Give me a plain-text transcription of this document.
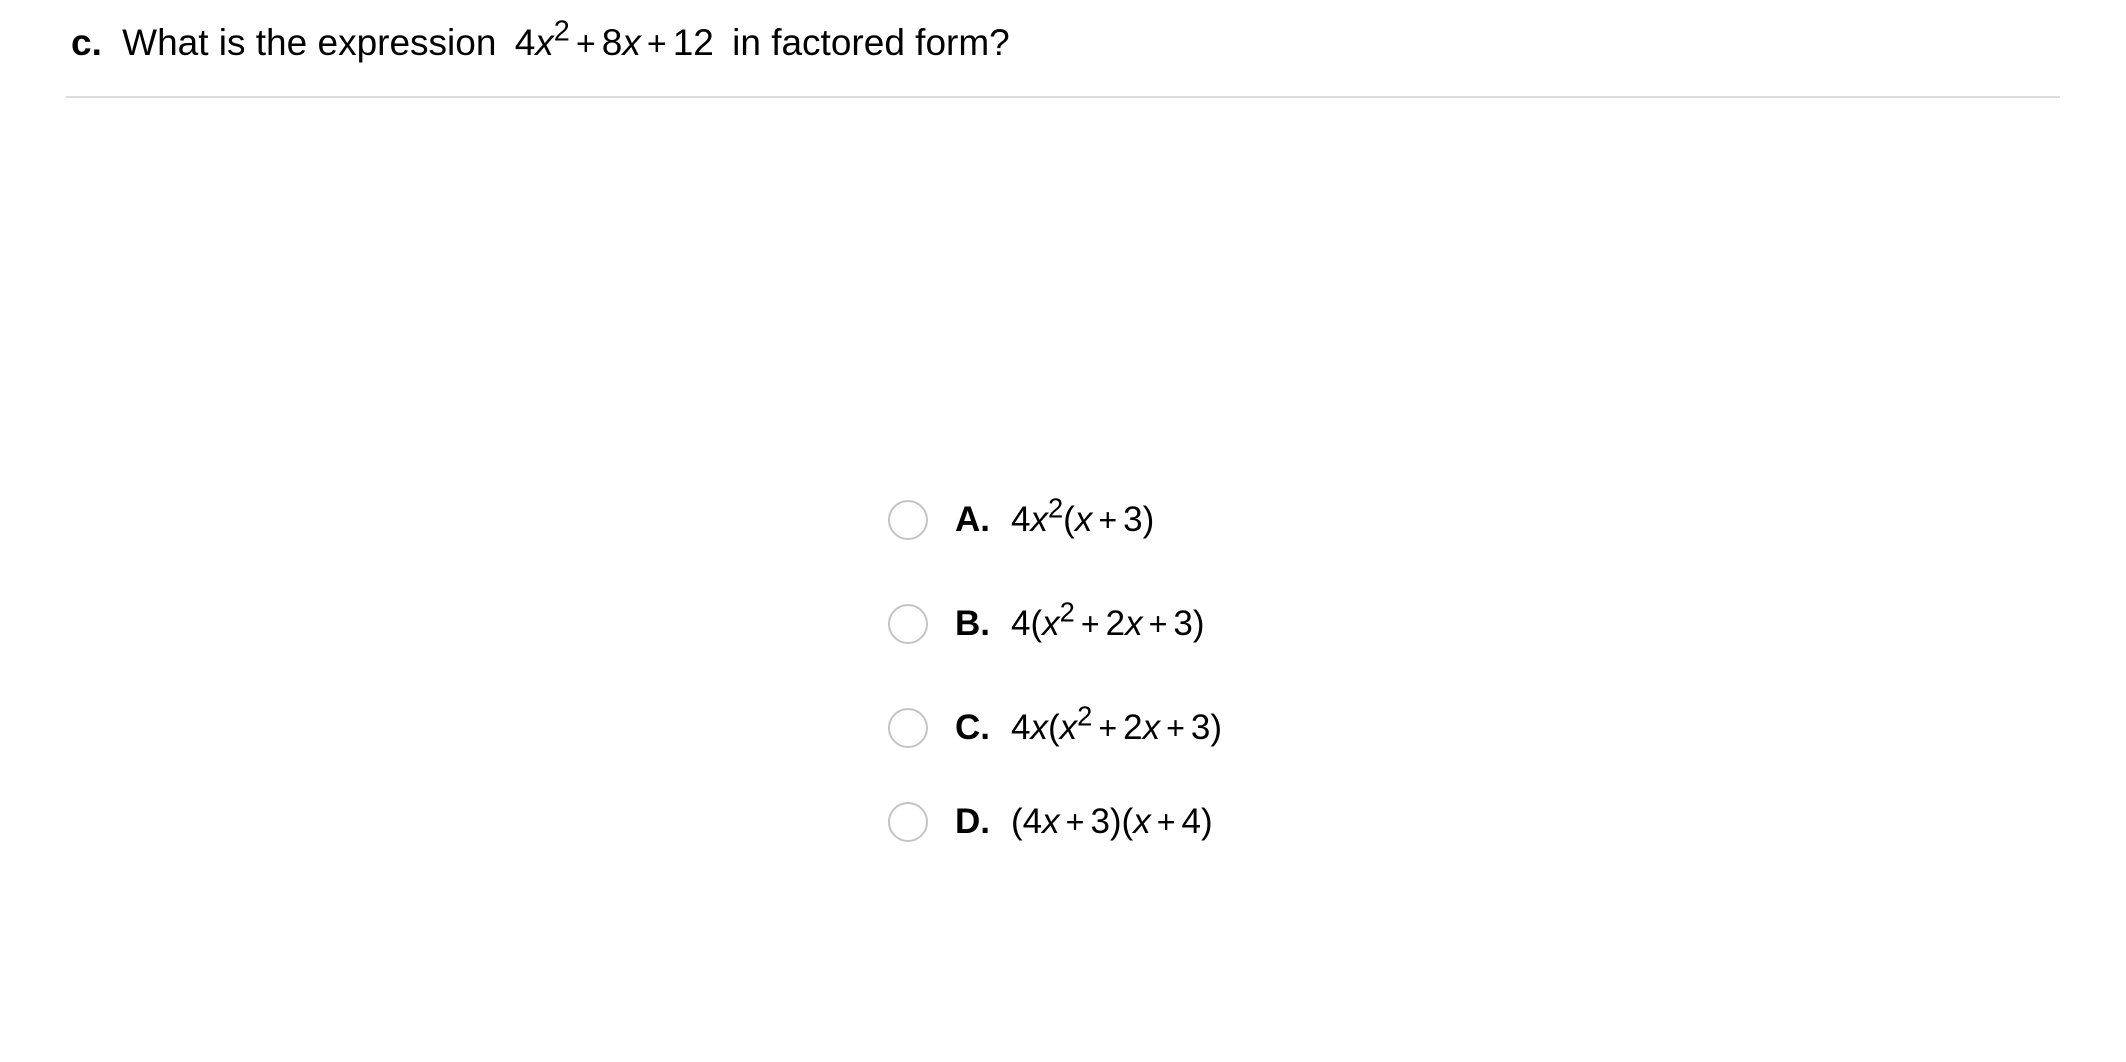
c. What is the expression $4x^2 + 8x + 12$ in factored form?
A. $4x^2(x + 3)$
B. $4(x^2 + 2x + 3)$
C. $4x(x^2 + 2x + 3)$
D. (4x + 3)(x + 4)
